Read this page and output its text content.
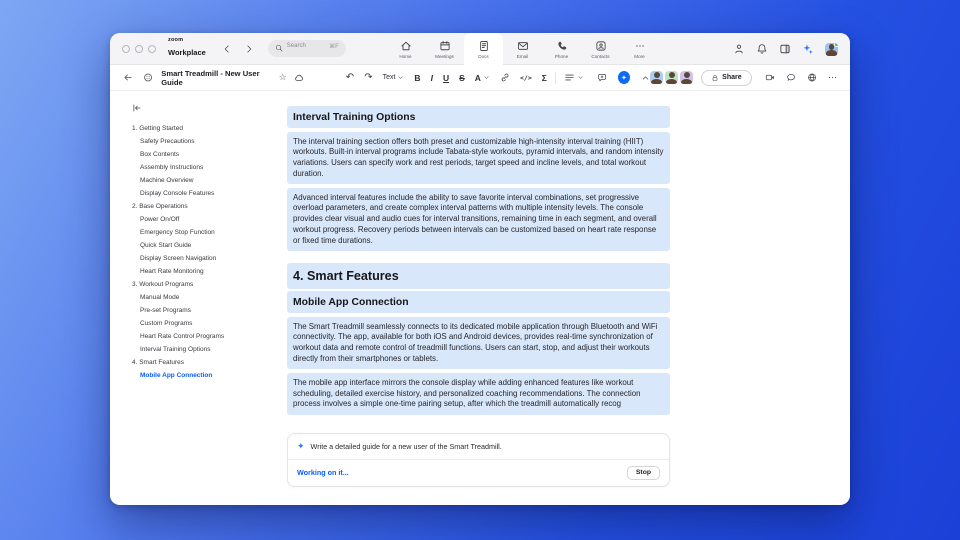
zoom
Workplace
Search	⌘F
Home	Meetings	Docs	Email	Phone	Contacts	More
Smart Treadmill - New User Guide	☆	↶ ↷ Text B I U S A	</> Σ	✦	Share	⋯
1. Getting Started
Safety Precautions
Box Contents
Assembly Instructions
Machine Overview
Display Console Features
2. Base Operations
Power On/Off
Emergency Stop Function
Quick Start Guide
Display Screen Navigation
Heart Rate Monitoring
3. Workout Programs
Manual Mode
Pre-set Programs
Custom Programs
Heart Rate Control Programs
Interval Training Options
4. Smart Features
Mobile App Connection
Interval Training Options
The interval training section offers both preset and customizable high-intensity interval training (HIIT) workouts. Built-in interval programs include Tabata-style workouts, pyramid intervals, and random intensity variations. Users can specify work and rest periods, target speed and incline levels, and total workout duration.
Advanced interval features include the ability to save favorite interval combinations, set progressive overload parameters, and create complex interval patterns with multiple intensity levels. The console provides clear visual and audio cues for interval transitions, remaining time in each segment, and overall workout progress. Recovery periods between intervals can be customized based on heart rate response or fixed time durations.
4. Smart Features
Mobile App Connection
The Smart Treadmill seamlessly connects to its dedicated mobile application through Bluetooth and WiFi connectivity. The app, available for both iOS and Android devices, provides real-time synchronization of workout data and remote control of treadmill functions. Users can start, stop, and adjust their workouts directly from their smartphones or tablets.
The mobile app interface mirrors the console display while adding enhanced features like workout scheduling, detailed exercise history, and personalized coaching recommendations. The connection process involves a simple one-time pairing setup, after which the treadmill automatically recog
✦ Write a detailed guide for a new user of the Smart Treadmill.
Working on it...	Stop
